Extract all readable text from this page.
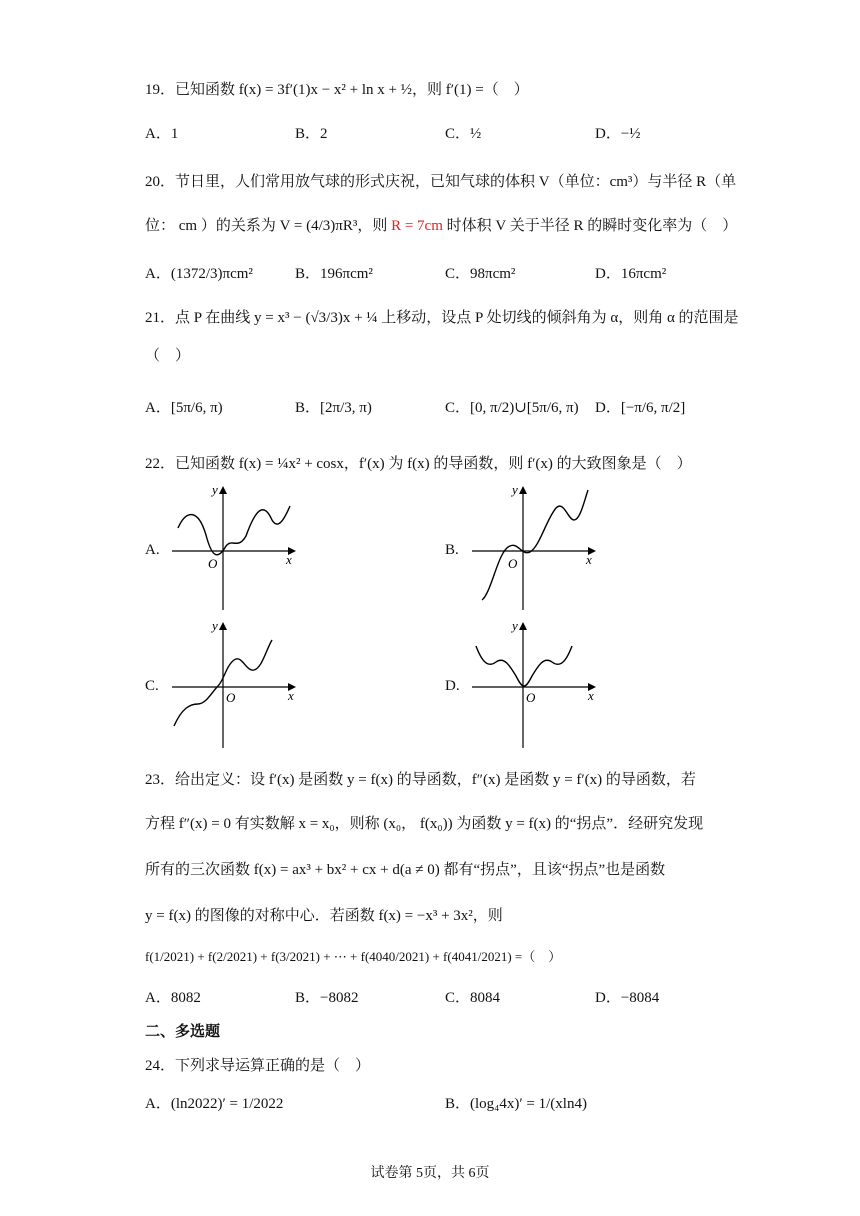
19．已知函数 f(x) = 3f′(1)x − x² + ln x + ½，则 f′(1) =（　）
A．1	B．2	C．½	D．−½
20．节日里，人们常用放气球的形式庆祝，已知气球的体积 V（单位：cm³）与半径 R（单
位： cm ）的关系为 V = (4/3)πR³，则 R = 7cm 时体积 V 关于半径 R 的瞬时变化率为（　）
A．(1372/3)πcm²	B．196πcm²	C．98πcm²	D．16πcm²
21．点 P 在曲线 y = x³ − (√3/3)x + ¼ 上移动，设点 P 处切线的倾斜角为 α，则角 α 的范围是
（　）
A．[5π/6, π)	B．[2π/3, π)	C．[0, π/2)∪[5π/6, π) D．[−π/6, π/2]
22．已知函数 f(x) = ¼x² + cosx，f′(x) 为 f(x) 的导函数，则 f′(x) 的大致图象是（　）
A.	B.
C.	D.
y
x
O
y
x
O
y
x
O
y
x
O
23．给出定义：设 f′(x) 是函数 y = f(x) 的导函数，f″(x) 是函数 y = f′(x) 的导函数，若
方程 f″(x) = 0 有实数解 x = x₀，则称 (x₀， f(x₀)) 为函数 y = f(x) 的“拐点”．经研究发现
所有的三次函数 f(x) = ax³ + bx² + cx + d(a ≠ 0) 都有“拐点”，且该“拐点”也是函数
y = f(x) 的图像的对称中心．若函数 f(x) = −x³ + 3x²，则
f(1/2021) + f(2/2021) + f(3/2021) + ⋯ + f(4040/2021) + f(4041/2021) =（　）
A．8082	B．−8082	C．8084	D．−8084
二、多选题
24．下列求导运算正确的是（　）
A．(ln2022)′ = 1/2022	B．(log₄4x)′ = 1/(xln4)
试卷第 5页，共 6页
